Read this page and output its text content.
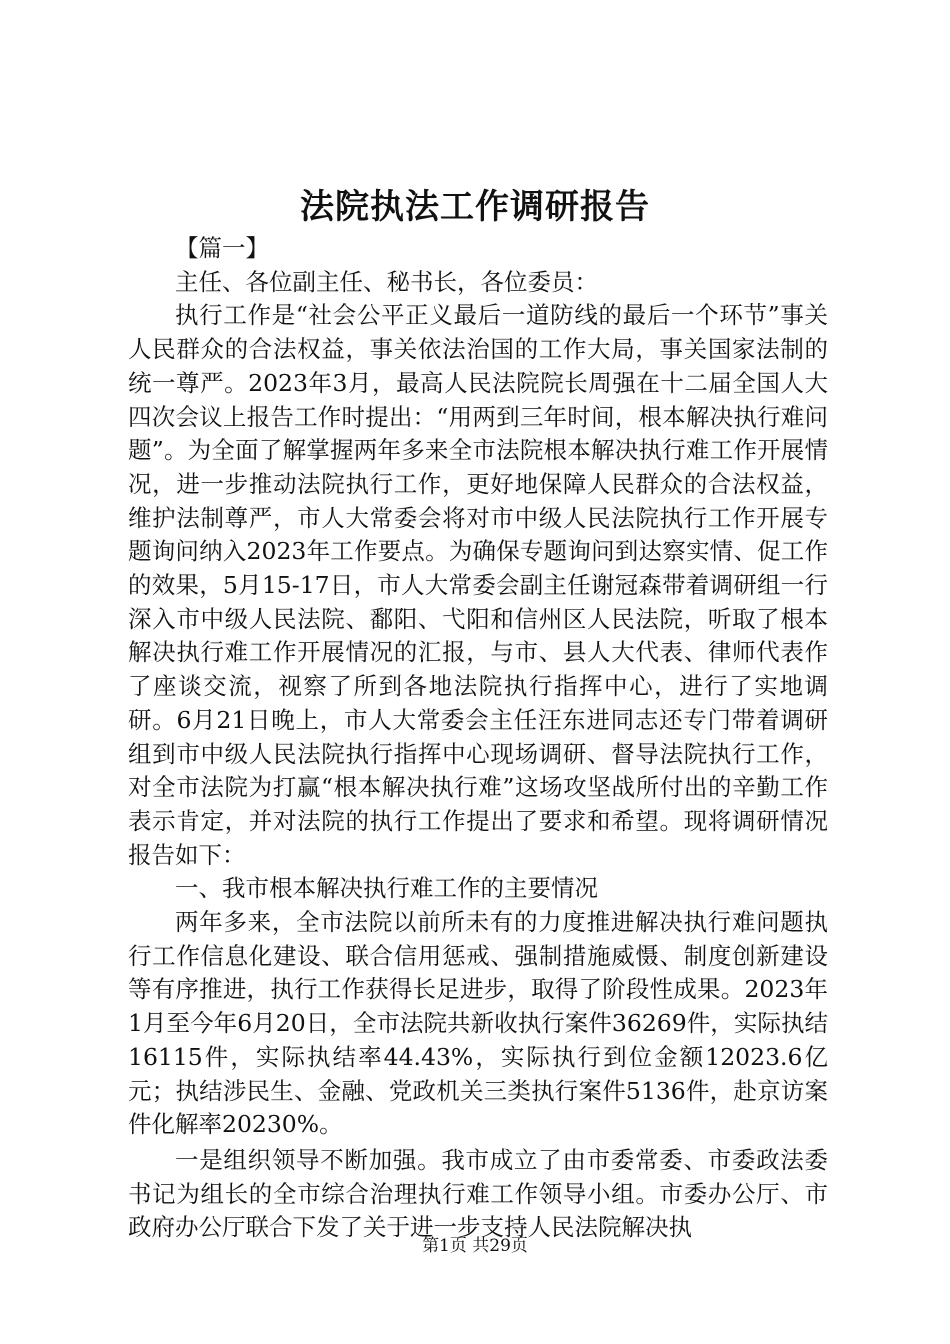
法院执法工作调研报告

【篇一】

主任、各位副主任、秘书长，各位委员：

执行工作是“社会公平正义最后一道防线的最后一个环节”事关人民群众的合法权益，事关依法治国的工作大局，事关国家法制的统一尊严。2023年3月，最高人民法院院长周强在十二届全国人大四次会议上报告工作时提出：“用两到三年时间，根本解决执行难问题”。为全面了解掌握两年多来全市法院根本解决执行难工作开展情况，进一步推动法院执行工作，更好地保障人民群众的合法权益，维护法制尊严，市人大常委会将对市中级人民法院执行工作开展专题询问纳入2023年工作要点。为确保专题询问到达察实情、促工作的效果，5月15-17日，市人大常委会副主任谢冠森带着调研组一行深入市中级人民法院、鄱阳、弋阳和信州区人民法院，听取了根本解决执行难工作开展情况的汇报，与市、县人大代表、律师代表作了座谈交流，视察了所到各地法院执行指挥中心，进行了实地调研。6月21日晚上，市人大常委会主任汪东进同志还专门带着调研组到市中级人民法院执行指挥中心现场调研、督导法院执行工作，对全市法院为打赢“根本解决执行难”这场攻坚战所付出的辛勤工作表示肯定，并对法院的执行工作提出了要求和希望。现将调研情况报告如下：

一、我市根本解决执行难工作的主要情况

两年多来，全市法院以前所未有的力度推进解决执行难问题执行工作信息化建设、联合信用惩戒、强制措施威慑、制度创新建设等有序推进，执行工作获得长足进步，取得了阶段性成果。2023年1月至今年6月20日，全市法院共新收执行案件36269件，实际执结16115件，实际执结率44.43%，实际执行到位金额12023.6亿元；执结涉民生、金融、党政机关三类执行案件5136件，赴京访案件化解率20230%。

一是组织领导不断加强。我市成立了由市委常委、市委政法委书记为组长的全市综合治理执行难工作领导小组。市委办公厅、市政府办公厅联合下发了关于进一步支持人民法院解决执

第1页 共29页
